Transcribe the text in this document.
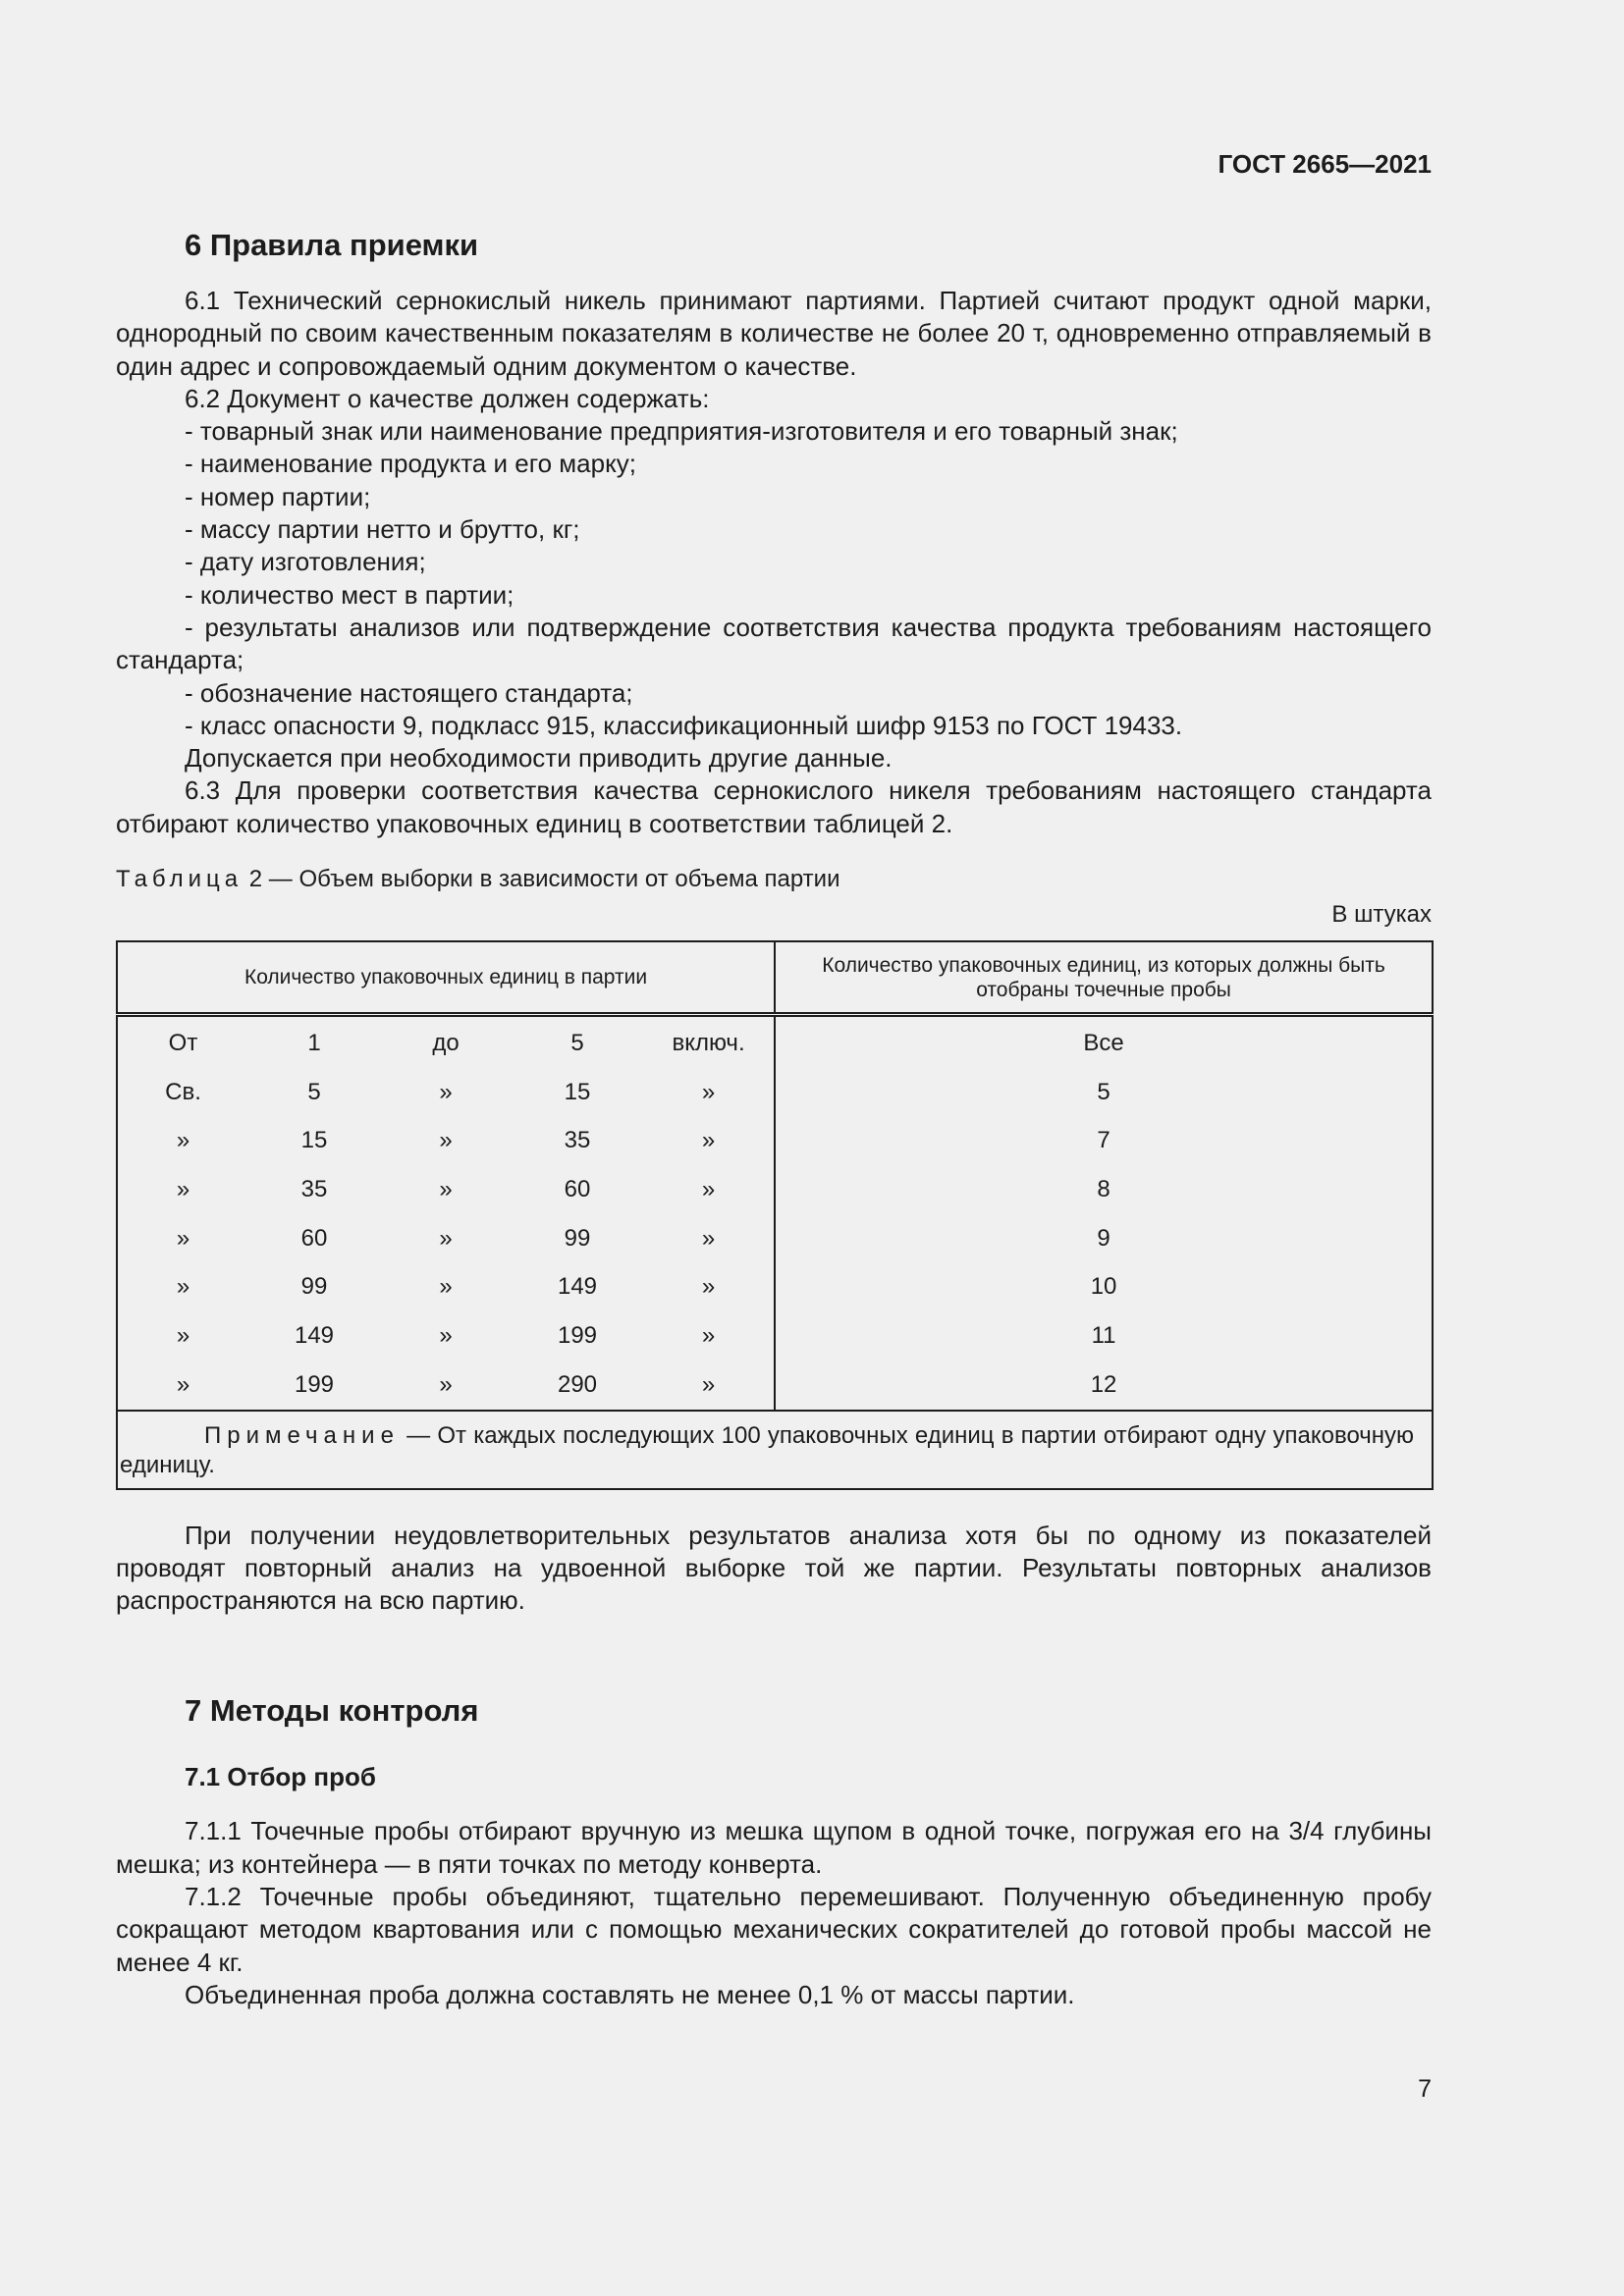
ГОСТ 2665—2021
6 Правила приемки

6.1 Технический сернокислый никель принимают партиями. Партией считают продукт одной марки, однородный по своим качественным показателям в количестве не более 20 т, одновременно отправляемый в один адрес и сопровождаемый одним документом о качестве.

6.2 Документ о качестве должен содержать:

- товарный знак или наименование предприятия-изготовителя и его товарный знак;

- наименование продукта и его марку;

- номер партии;

- массу партии нетто и брутто, кг;

- дату изготовления;

- количество мест в партии;

- результаты анализов или подтверждение соответствия качества продукта требованиям настоящего стандарта;

- обозначение настоящего стандарта;

- класс опасности 9, подкласс 915, классификационный шифр 9153 по ГОСТ 19433.

Допускается при необходимости приводить другие данные.

6.3 Для проверки соответствия качества сернокислого никеля требованиям настоящего стандарта отбирают количество упаковочных единиц в соответствии таблицей 2.

Таблица 2 — Объем выборки в зависимости от объема партии
В штуках
Количество упаковочных единиц в партии					Количество упаковочных единиц, из которых должны быть отобраны точечные пробы
От	1	до	5	включ.	Все
Св.	5	»	15	»	5
»	15	»	35	»	7
»	35	»	60	»	8
»	60	»	99	»	9
»	99	»	149	»	10
»	149	»	199	»	11
»	199	»	290	»	12

Примечание — От каждых последующих 100 упаковочных единиц в партии отбирают одну упаковочную единицу.					

При получении неудовлетворительных результатов анализа хотя бы по одному из показателей проводят повторный анализ на удвоенной выборке той же партии. Результаты повторных анализов распространяются на всю партию.

7 Методы контроля
7.1 Отбор проб

7.1.1 Точечные пробы отбирают вручную из мешка щупом в одной точке, погружая его на 3/4 глубины мешка; из контейнера — в пяти точках по методу конверта.

7.1.2 Точечные пробы объединяют, тщательно перемешивают. Полученную объединенную пробу сокращают методом квартования или с помощью механических сократителей до готовой пробы массой не менее 4 кг.

Объединенная проба должна составлять не менее 0,1 % от массы партии.

7
